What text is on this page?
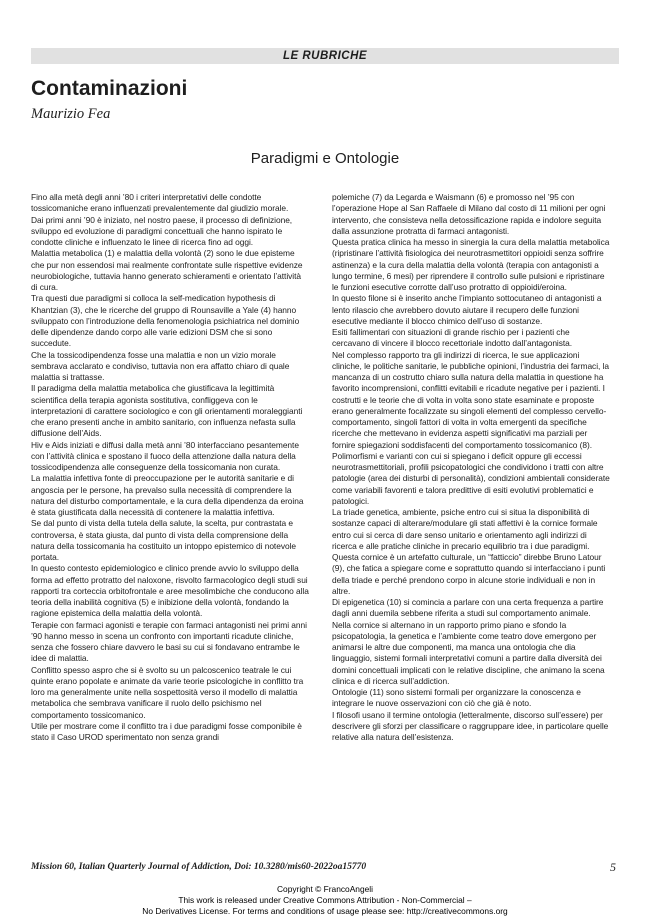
LE RUBRICHE
Contaminazioni
Maurizio Fea
Paradigmi e Ontologie

Fino alla metà degli anni ’80 i criteri interpretativi delle condotte tossicomaniche erano influenzati prevalentemente dal giudizio morale.

Dai primi anni ’90 è iniziato, nel nostro paese, il processo di definizione, sviluppo ed evoluzione di paradigmi concettuali che hanno ispirato le condotte cliniche e influenzato le linee di ricerca fino ad oggi.

Malattia metabolica (1) e malattia della volontà (2) sono le due episteme che pur non essendosi mai realmente confrontate sulle rispettive evidenze neurobiologiche, tuttavia hanno generato schieramenti e orientato l’attività di cura.

Tra questi due paradigmi si colloca la self-medication hypothesis di Khantzian (3), che le ricerche del gruppo di Rounsaville a Yale (4) hanno sviluppato con l’introduzione della fenomenologia psichiatrica nel dominio delle dipendenze dando corpo alle varie edizioni DSM che si sono succedute.

Che la tossicodipendenza fosse una malattia e non un vizio morale sembrava acclarato e condiviso, tuttavia non era affatto chiaro di quale malattia si trattasse.

Il paradigma della malattia metabolica che giustificava la legittimità scientifica della terapia agonista sostitutiva, confliggeva con le interpretazioni di carattere sociologico e con gli orientamenti moraleggianti che erano presenti anche in ambito sanitario, con influenza nefasta sulla diffusione dell’Aids.

Hiv e Aids iniziati e diffusi dalla metà anni ’80 interfacciano pesantemente con l’attività clinica e spostano il fuoco della attenzione dalla natura della tossicodipendenza alle conseguenze della tossicomania non curata.

La malattia infettiva fonte di preoccupazione per le autorità sanitarie e di angoscia per le persone, ha prevalso sulla necessità di comprendere la natura del disturbo comportamentale, e la cura della dipendenza da eroina è stata giustificata dalla necessità di contenere la malattia infettiva.

Se dal punto di vista della tutela della salute, la scelta, pur contrastata e controversa, è stata giusta, dal punto di vista della comprensione della natura della tossicomania ha costituito un intoppo epistemico di notevole portata.

In questo contesto epidemiologico e clinico prende avvio lo sviluppo della forma ad effetto protratto del naloxone, risvolto farmacologico degli studi sui rapporti tra corteccia orbitofrontale e aree mesolimbiche che conducono alla teoria della inabilità cognitiva (5) e inibizione della volontà, fondando la ragione epistemica della malattia della volontà.

Terapie con farmaci agonisti e terapie con farmaci antagonisti nei primi anni ’90 hanno messo in scena un confronto con importanti ricadute cliniche, senza che fossero chiare davvero le basi su cui si fondavano entrambe le idee di malattia.

Conflitto spesso aspro che si è svolto su un palcoscenico teatrale le cui quinte erano popolate e animate da varie teorie psicologiche in conflitto tra loro ma generalmente unite nella sospettosità verso il modello di malattia metabolica che sembrava vanificare il ruolo dello psichismo nel comportamento tossicomanico.

Utile per mostrare come il conflitto tra i due paradigmi fosse componibile è stato il Caso UROD sperimentato non senza grandi

polemiche (7) da Legarda e Waismann (6) e promosso nel ’95 con l’operazione Hope al San Raffaele di Milano dal costo di 11 milioni per ogni intervento, che consisteva nella detossificazione rapida e indolore seguita dalla assunzione protratta di farmaci antagonisti.

Questa pratica clinica ha messo in sinergia la cura della malattia metabolica (ripristinare l’attività fisiologica dei neurotrasmettitori oppioidi senza soffrire astinenza) e la cura della malattia della volontà (terapia con antagonisti a lungo termine, 6 mesi) per riprendere il controllo sulle pulsioni e ripristinare le funzioni esecutive corrotte dall’uso protratto di oppioidi/eroina.

In questo filone si è inserito anche l’impianto sottocutaneo di antagonisti a lento rilascio che avrebbero dovuto aiutare il recupero delle funzioni esecutive mediante il blocco chimico dell’uso di sostanze.

Esiti fallimentari con situazioni di grande rischio per i pazienti che cercavano di vincere il blocco recettoriale indotto dall’antagonista.

Nel complesso rapporto tra gli indirizzi di ricerca, le sue applicazioni cliniche, le politiche sanitarie, le pubbliche opinioni, l’industria dei farmaci, la mancanza di un costrutto chiaro sulla natura della malattia in questione ha favorito incomprensioni, conflitti evitabili e ricadute negative per i pazienti. I costrutti e le teorie che di volta in volta sono state esaminate e proposte erano generalmente focalizzate su singoli elementi del complesso cervello-comportamento, singoli fattori di volta in volta emergenti da specifiche ricerche che mettevano in evidenza aspetti significativi ma parziali per fornire spiegazioni soddisfacenti del comportamento tossicomanico (8).

Polimorfismi e varianti con cui si spiegano i deficit oppure gli eccessi neurotrasmettitoriali, profili psicopatologici che condividono i tratti con altre patologie (area dei disturbi di personalità), condizioni ambientali considerate come variabili favorenti e talora predittive di esiti evolutivi problematici e patologici.

La triade genetica, ambiente, psiche entro cui si situa la disponibilità di sostanze capaci di alterare/modulare gli stati affettivi è la cornice formale entro cui si cerca di dare senso unitario e orientamento agli indirizzi di ricerca e alle pratiche cliniche in precario equilibrio tra i due paradigmi.

Questa cornice è un artefatto culturale, un “fatticcio” direbbe Bruno Latour (9), che fatica a spiegare come e soprattutto quando si interfacciano i punti della triade e perché prendono corpo in alcune storie individuali e non in altre.

Di epigenetica (10) si comincia a parlare con una certa frequenza a partire dagli anni duemila sebbene riferita a studi sul comportamento animale.

Nella cornice si alternano in un rapporto primo piano e sfondo la psicopatologia, la genetica e l’ambiente come teatro dove emergono per animarsi le altre due componenti, ma manca una ontologia che dia linguaggio, sistemi formali interpretativi comuni a partire dalla diversità dei domini concettuali implicati con le relative discipline, che animano la scena clinica e di ricerca sull’addiction.

Ontologie (11) sono sistemi formali per organizzare la conoscenza e integrare le nuove osservazioni con ciò che già è noto.

I filosofi usano il termine ontologia (letteralmente, discorso sull’essere) per descrivere gli sforzi per classificare o raggruppare idee, in particolare quelle relative alla natura dell’esistenza.

Mission 60, Italian Quarterly Journal of Addiction, Doi: 10.3280/mis60-2022oa15770	5
Copyright © FrancoAngeli
This work is released under Creative Commons Attribution - Non-Commercial –
No Derivatives License. For terms and conditions of usage please see: http://creativecommons.org
